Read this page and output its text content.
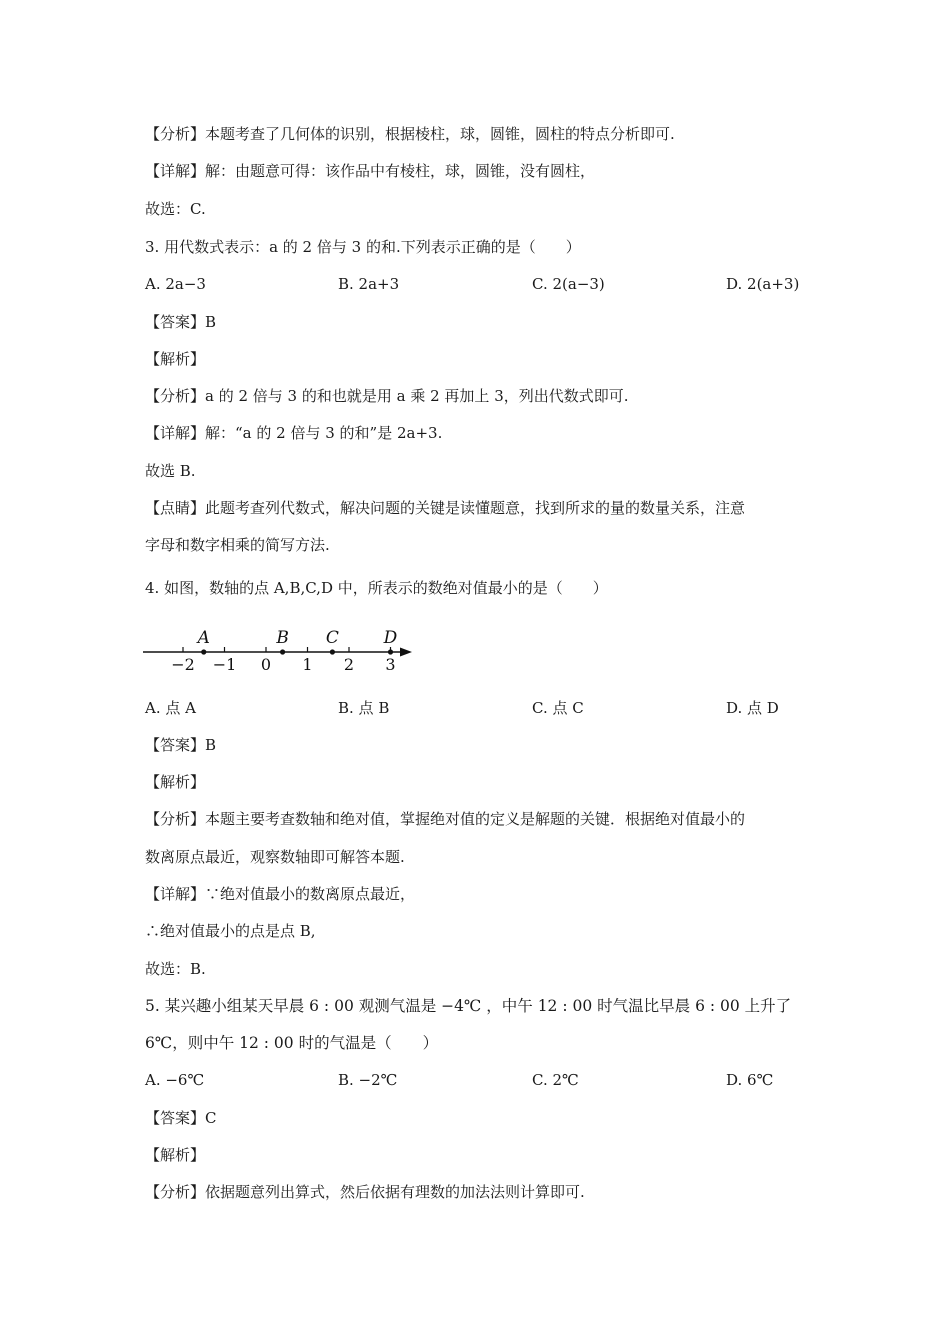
【分析】本题考查了几何体的识别，根据棱柱，球，圆锥，圆柱的特点分析即可.
【详解】解：由题意可得：该作品中有棱柱，球，圆锥，没有圆柱，
故选：C.
3. 用代数式表示：a 的 2 倍与 3 的和.下列表示正确的是（　　）
A. 2a−3	B. 2a+3	C. 2(a−3)	D. 2(a+3)
【答案】B
【解析】
【分析】a 的 2 倍与 3 的和也就是用 a 乘 2 再加上 3，列出代数式即可.
【详解】解：“a 的 2 倍与 3 的和”是 2a+3.
故选 B.
【点睛】此题考查列代数式，解决问题的关键是读懂题意，找到所求的量的数量关系，注意
字母和数字相乘的简写方法.
4. 如图，数轴的点 A,B,C,D 中，所表示的数绝对值最小的是（　　）
−2 −1 0 1 2 3
A	B C	D
A. 点 A	B. 点 B	C. 点 C	D. 点 D
【答案】B
【解析】
【分析】本题主要考查数轴和绝对值，掌握绝对值的定义是解题的关键．根据绝对值最小的
数离原点最近，观察数轴即可解答本题.
【详解】∵绝对值最小的数离原点最近，
∴绝对值最小的点是点 B,
故选：B.
5. 某兴趣小组某天早晨 6 : 00 观测气温是 −4℃ ，中午 12 : 00 时气温比早晨 6 : 00 上升了
6℃，则中午 12 : 00 时的气温是（　　）
A. −6℃	B. −2℃	C. 2℃	D. 6℃
【答案】C
【解析】
【分析】依据题意列出算式，然后依据有理数的加法法则计算即可.
